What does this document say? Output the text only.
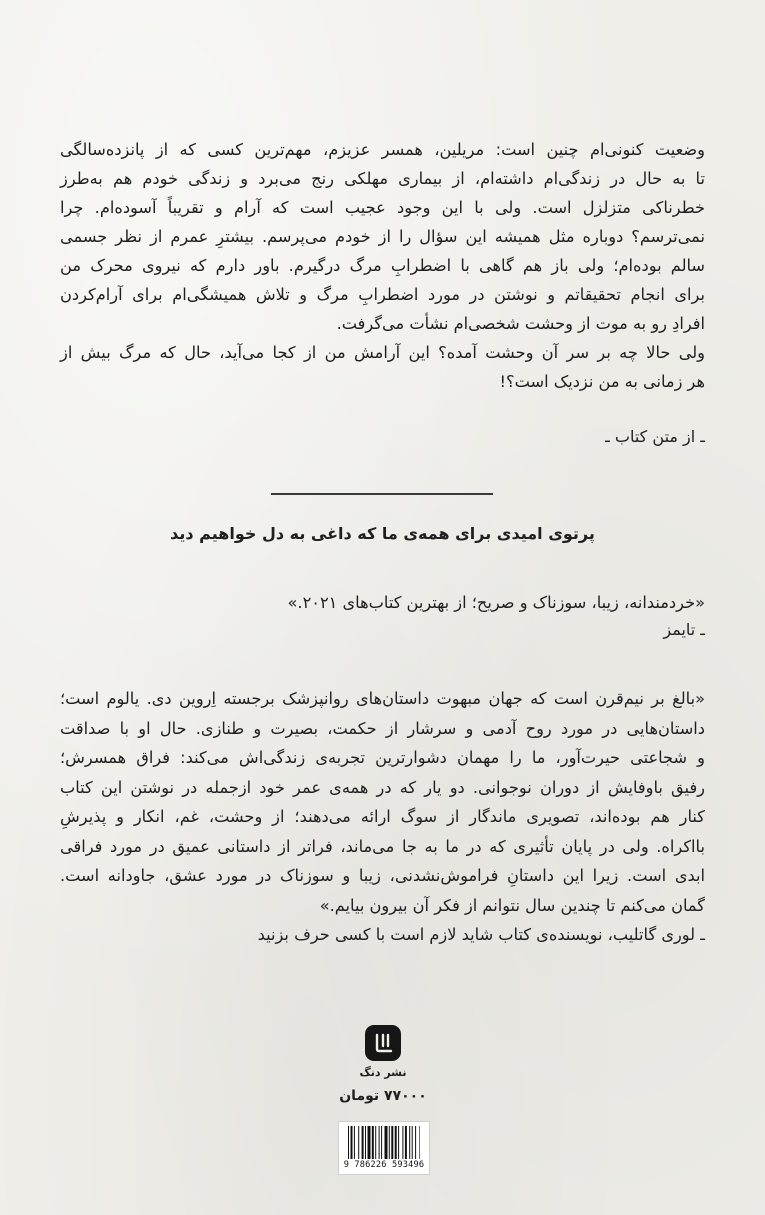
وضعیت کنونی‌ام چنین است: مریلین، همسر عزیزم، مهم‌ترین کسی که از پانزده‌سالگی
تا به حال در زندگی‌ام داشته‌ام، از بیماری مهلکی رنج می‌برد و زندگی خودم هم به‌طرز
خطرناکی متزلزل است. ولی با این وجود عجیب است که آرام و تقریباً آسوده‌ام. چرا
نمی‌ترسم؟ دوباره مثل همیشه این سؤال را از خودم می‌پرسم. بیشترِ عمرم از نظر جسمی
سالم بوده‌ام؛ ولی باز هم گاهی با اضطرابِ مرگ درگیرم. باور دارم که نیروی محرک من
برای انجام تحقیقاتم و نوشتن در مورد اضطرابِ مرگ و تلاش همیشگی‌ام برای آرام‌کردن
افرادِ رو به موت از وحشت شخصی‌ام نشأت می‌گرفت.
ولی حالا چه بر سر آن وحشت آمده؟ این آرامش من از کجا می‌آید، حال که مرگ بیش از
هر زمانی به من نزدیک است؟!
ـ از متن کتاب ـ
پرتوی امیدی برای همه‌ی ما که داغی به دل خواهیم دید
«خردمندانه، زیبا، سوزناک و صریح؛ از بهترین کتاب‌های ۲۰۲۱.»
ـ تایمز
«بالغ بر نیم‌قرن است که جهان مبهوت داستان‌های روانپزشک برجسته اِروین دی. یالوم است؛
داستان‌هایی در مورد روح آدمی و سرشار از حکمت، بصیرت و طنازی. حال او با صداقت
و شجاعتی حیرت‌آور، ما را مهمان دشوارترین تجربه‌ی زندگی‌اش می‌کند: فراق همسرش؛
رفیق باوفایش از دوران نوجوانی. دو یار که در همه‌ی عمر خود از‌جمله در نوشتن این کتاب
کنار هم بوده‌اند، تصویری ماندگار از سوگ ارائه می‌دهند؛ از وحشت، غم، انکار و پذیرشِ
بااکراه. ولی در پایان تأثیری که در ما به جا می‌ماند، فراتر از داستانی عمیق در مورد فراقی
ابدی است. زیرا این داستانِ فراموش‌نشدنی، زیبا و سوزناک در مورد عشق، جاودانه است.
گمان می‌کنم تا چندین سال نتوانم از فکر آن بیرون بیایم.»
ـ لوری گاتلیب، نویسنده‌ی کتاب شاید لازم است با کسی حرف بزنید
نشر دنگ
۷۷۰۰۰ تومان
9 786226 593496
